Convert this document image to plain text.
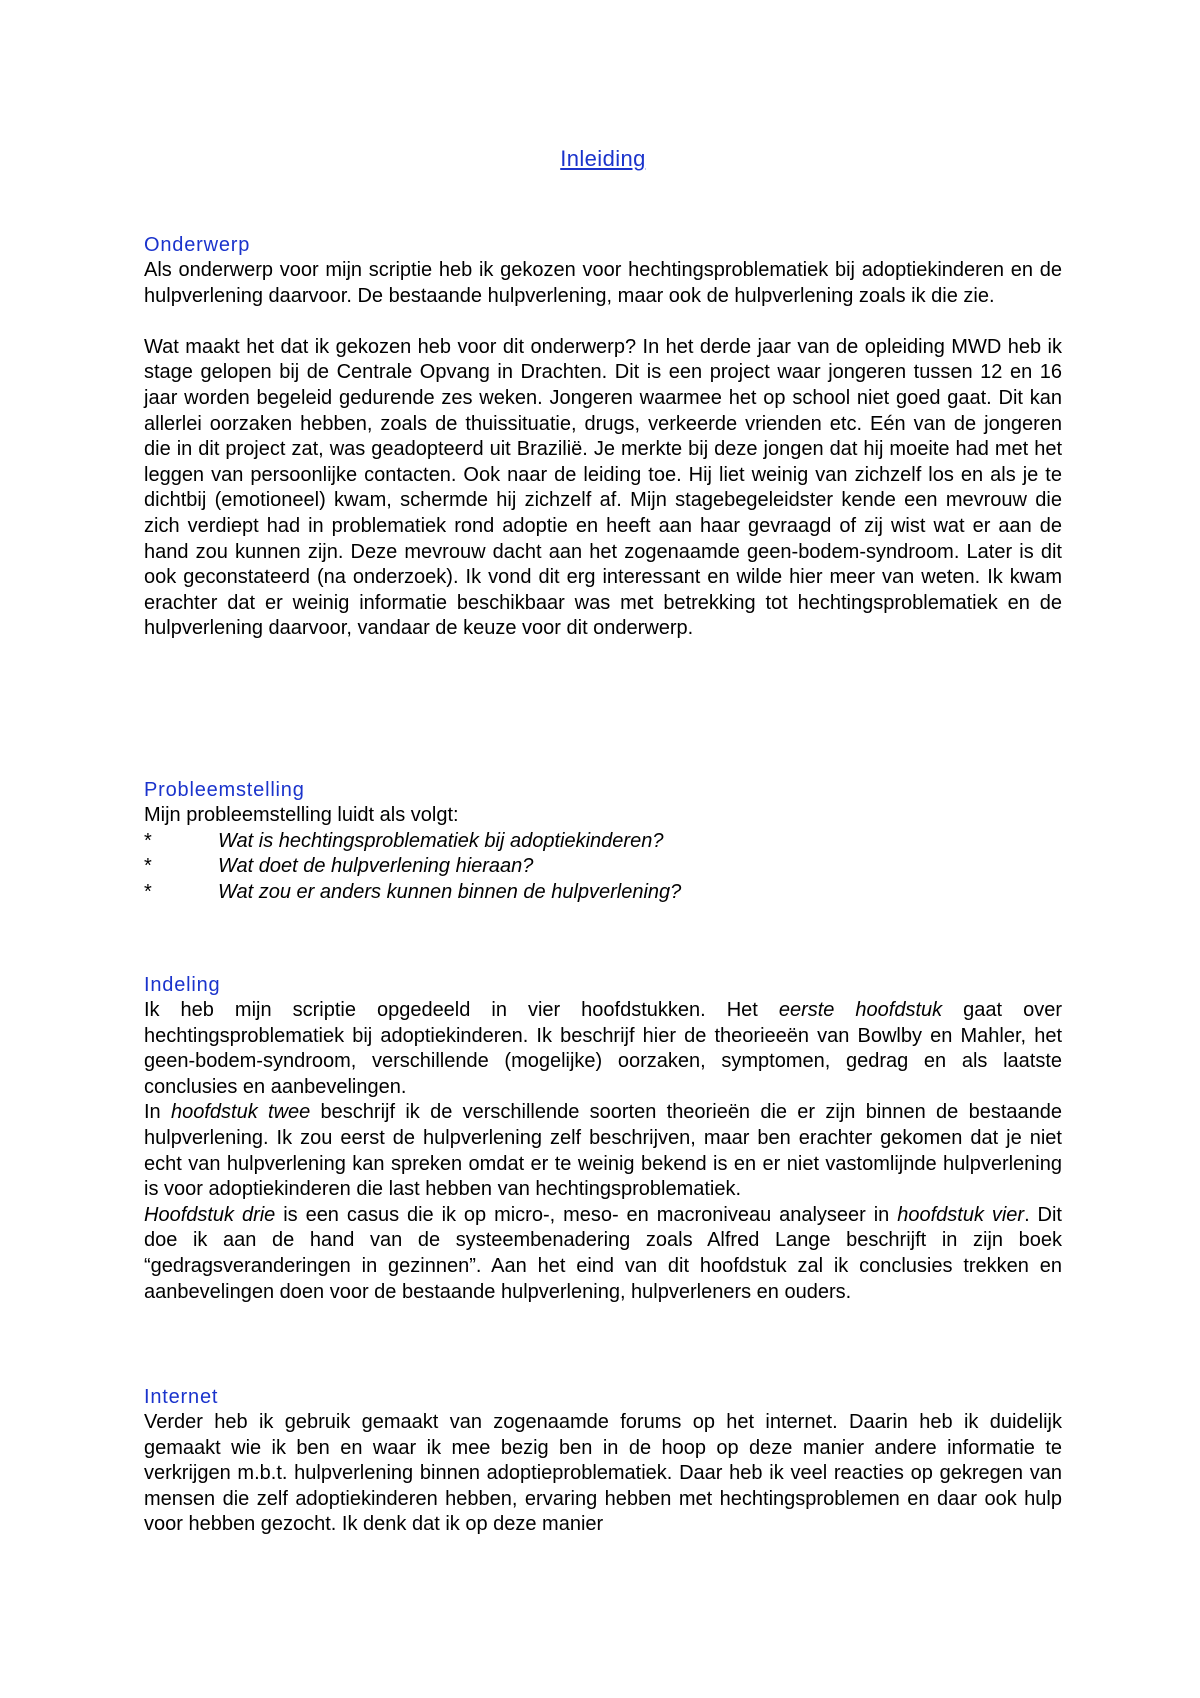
Inleiding
Onderwerp

Als onderwerp voor mijn scriptie heb ik gekozen voor hechtingsproblematiek bij adoptiekinderen en de hulpverlening daarvoor. De bestaande hulpverlening, maar ook de hulpverlening zoals ik die zie.

Wat maakt het dat ik gekozen heb voor dit onderwerp? In het derde jaar van de opleiding MWD heb ik stage gelopen bij de Centrale Opvang in Drachten. Dit is een project waar jongeren tussen 12 en 16 jaar worden begeleid gedurende zes weken. Jongeren waarmee het op school niet goed gaat. Dit kan allerlei oorzaken hebben, zoals de thuissituatie, drugs, verkeerde vrienden etc. Eén van de jongeren die in dit project zat, was geadopteerd uit Brazilië. Je merkte bij deze jongen dat hij moeite had met het leggen van persoonlijke contacten. Ook naar de leiding toe. Hij liet weinig van zichzelf los en als je te dichtbij (emotioneel) kwam, schermde hij zichzelf af. Mijn stagebegeleidster kende een mevrouw die zich verdiept had in problematiek rond adoptie en heeft aan haar gevraagd of zij wist wat er aan de hand zou kunnen zijn. Deze mevrouw dacht aan het zogenaamde geen-bodem-syndroom. Later is dit ook geconstateerd (na onderzoek). Ik vond dit erg interessant en wilde hier meer van weten. Ik kwam erachter dat er weinig informatie beschikbaar was met betrekking tot hechtingsproblematiek en de hulpverlening daarvoor, vandaar de keuze voor dit onderwerp.

Probleemstelling

Mijn probleemstelling luidt als volgt:

*	Wat is hechtingsproblematiek bij adoptiekinderen?
*	Wat doet de hulpverlening hieraan?
*	Wat zou er anders kunnen binnen de hulpverlening?
Indeling

Ik heb mijn scriptie opgedeeld in vier hoofdstukken. Het eerste hoofdstuk gaat over hechtingsproblematiek bij adoptiekinderen. Ik beschrijf hier de theorieeën van Bowlby en Mahler, het geen-bodem-syndroom, verschillende (mogelijke) oorzaken, symptomen, gedrag en als laatste conclusies en aanbevelingen.

In hoofdstuk twee beschrijf ik de verschillende soorten theorieën die er zijn binnen de bestaande hulpverlening. Ik zou eerst de hulpverlening zelf beschrijven, maar ben erachter gekomen dat je niet echt van hulpverlening kan spreken omdat er te weinig bekend is en er niet vastomlijnde hulpverlening is voor adoptiekinderen die last hebben van hechtingsproblematiek.

Hoofdstuk drie is een casus die ik op micro-, meso- en macroniveau analyseer in hoofdstuk vier. Dit doe ik aan de hand van de systeembenadering zoals Alfred Lange beschrijft in zijn boek “gedragsveranderingen in gezinnen”. Aan het eind van dit hoofdstuk zal ik conclusies trekken en aanbevelingen doen voor de bestaande hulpverlening, hulpverleners en ouders.

Internet

Verder heb ik gebruik gemaakt van zogenaamde forums op het internet. Daarin heb ik duidelijk gemaakt wie ik ben en waar ik mee bezig ben in de hoop op deze manier andere informatie te verkrijgen m.b.t. hulpverlening binnen adoptieproblematiek. Daar heb ik veel reacties op gekregen van mensen die zelf adoptiekinderen hebben, ervaring hebben met hechtingsproblemen en daar ook hulp voor hebben gezocht. Ik denk dat ik op deze manier
